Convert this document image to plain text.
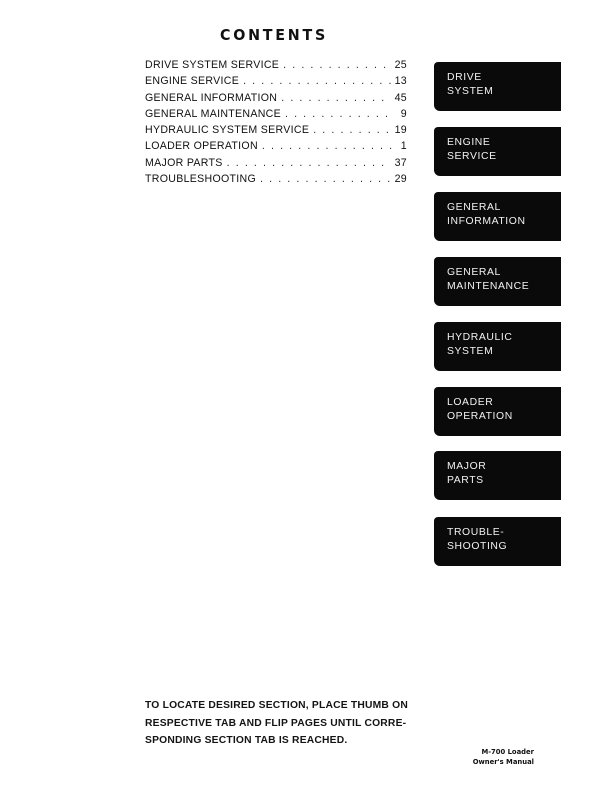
CONTENTS
DRIVE SYSTEM SERVICE . . .	25
ENGINE SERVICE . . .	13
GENERAL INFORMATION . . .	45
GENERAL MAINTENANCE . . .	9
HYDRAULIC SYSTEM SERVICE . . .	19
LOADER OPERATION . . .	1
MAJOR PARTS . . .	37
TROUBLESHOOTING . . .	29
DRIVE
SYSTEM
ENGINE
SERVICE
GENERAL
INFORMATION
GENERAL
MAINTENANCE
HYDRAULIC
SYSTEM
LOADER
OPERATION
MAJOR
PARTS
TROUBLE-
SHOOTING
TO LOCATE DESIRED SECTION, PLACE THUMB ON
RESPECTIVE TAB AND FLIP PAGES UNTIL CORRE-
SPONDING SECTION TAB IS REACHED.
M-700 Loader
Owner's Manual
